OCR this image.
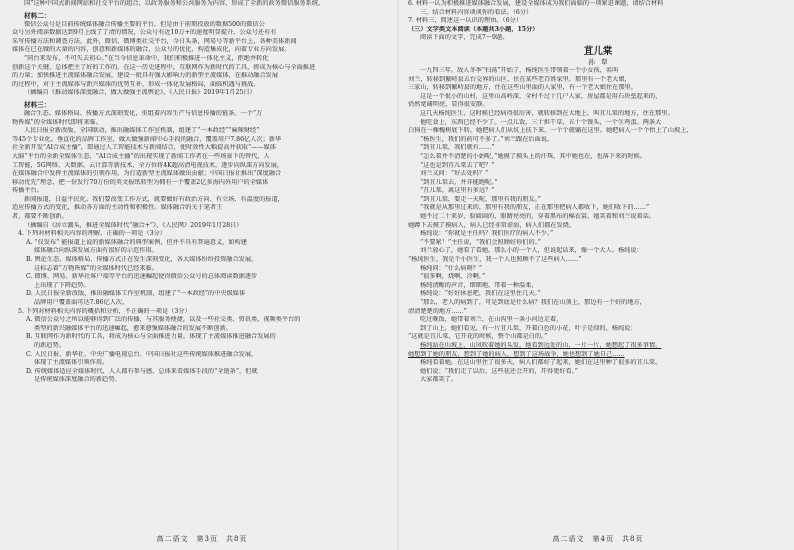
国”这种中国式新闻网站和社交平台的组合，以政务服务和公共服务为内容，形成了全新的政务微信服务系统。

材料二：

微信公众号是目前传统媒体融合传播主要的平台，但是由于前期投放的数据500的微信公

众号另外阅读数据达到9月上线了了清的情况，公众号有近10万+的速度明显提升，公众号还有有

采写传播方法和调查方法，此外，微信、微博类社交平台，今日头条，网易号等新平台上，各种美体新闻

媒体在已在做的大量的内容，创意和新媒体的融合，公众号的优化、构造集成化，向着专业方向发展。

“同台来发布，不可失去初心。”在当今信息革命中，我们积极推进一体化主义，拒绝并转化

创新这个关键，总体把主了好的工作的。在这一历史进程中，互联网作为新时代的工具，将成为核心与全面推进

的力量；加快推进主流媒体融合发展，建设一批具有强大影响力的新型主流媒体，在推动融合发展

的过程中，对于主流媒体与新兴媒体的优势互补，形成一体化发展格局，面临机遇与挑战。

（摘编自《推动媒体深度融合，做大做强主流舆论》，《人民日报》2019年1月25日）

材料三：

融合生态、媒体格局、传播方式深刻变化，重组着内容生产与信息传播的链条。一个“万

物皆媒”的全媒体时代即将来临。

人民日报全新改版、全国联动，推出融媒体工作室机制，组建了“一本政经”“麻辣财经”

等45个专业化、垂直化的品牌工作室，做大做强新闻中心手段的融合，覆盖用户7.86亿人次；新华

社全新开发“AI合成主播”，即通过人工智能技术与新闻结合，使时效性大幅提高并获取“——媒体

大脑”平台的全新全媒体生态，“AI合成主播”的出现实现了新闻工作者在一些场景下的替代，人

工智能，5G网络、大数据、云计算等新技术，全方位将4K超高清电视技术，逐步向纵深方向发展，

在媒体融合中发挥主流媒体的引领作用，为打造新型主流媒体做出贡献；中国日报社推出“深度融合

移动优先”理念，把一份发行70万份的英文报纸转型为拥有一个覆盖2亿多海内外用户的全媒体

传播平台。

新闻报道，日益平民化。我们要改变工作方式，就要做好有政治方向、有立场、有温度的报道，

适应传播方式的变化，推动各方面的主动性和积极性。媒体融合的关于笔者王

者，都要不断创新。

（摘编自《居立潮头，推进全媒体时代“融合+”》，《人民网》2019年1月28日）

4. 下列对材料相关内容的理解，正确的一项是（3分）

A. “仅发布” 能报道上说的新媒体融合的典型案例，但并不具有普遍意义，如构建

媒体融合向纵深发展方面有很好的示范作用。

B. 舆论生态、媒体格局、传播方式正在发生深刻变化，各大媒体纷纷投资融合发展，

这标志着“万物皆媒”的全媒体时代已经来临。

C. 微博、网易、新华社客户端等平台的迅速崛起使得微信公众号的总体阅读数据逐步

上出现了下降趋势。

D. 人民日报全新改版，推出融媒体工作室机制，组建了“一本政经”的中央级媒体

品牌用户覆盖面可达7.86亿人次。

5. 下列对材料相关内容的概括和分析，不正确的一项是（3分）

A. 微信公众号之所以能够得到广泛的传播，与其服务便捷，以及一些社交类、资讯类、视频类平台的

类型的新兴融媒体平台的迅速崛起，愈来愈强媒体融合的发展不断创新。

B. 互联网作为新时代的工具，将成为核心与全面推进力量，体现了主流媒体推进融合发展的

的新趋势。

C. 人民日报、新华社、中央广播电视总台、中国日报社这些传统媒体推进融合发展，

体现了主流媒体引领作用。

D. 传统媒体适应全媒体时代，人人都有参与感，总体来看媒体手段的“全链条”，但就

是传统媒体深度融合的新趋势。

高二语文　第3页　共8页

6. 材料一认为积极推进媒体融合发展，建设全媒体成为我们面临的一项紧迫课题，请结合材料

三，结合材料内容谈谈你的看法。（6分）

7. 材料三，简述这一认识的理由。（6分）

（三）文学类文本阅读（本题共3小题，15分）

阅读下面的文字，完成7～9题。

苴儿棠

孙　犁

一九四三年，敌人冬季“扫荡”开始了，杨纯医生带领着一个小女孩，名叫

刘兰，转移到繁峙县五台交界的山区，住在某些老百姓家里，那里有一个老大娘，

三家山，转移到繁峙县的地方，住在这些山里面的人家里，有一个老大娘住在那里。

这是一个很小的山村，这里山高岭深，全村不过十几户人家，房屋都是用石块垒起来的，

仍然宽阔明亮，显得很安静。

这几天杨纯医生，这时候已经病得很厉害，就转移到在大地上，叫苴儿棠的地方，住在那里。

他吃食上，东西已经不少了。一点儿饭，三十担干草，五十个馒头，一个生鸡蛋。两条大

白狗在一棵槐树底下转，她把病人们从炕上扶下来，一个个就躺在这里。她把病人一个个抬上了山坡上，

“杨医生，我们的药可不多了。”刘兰跟在后面说。

“到苴儿棠，我们就有……”

“怎么着并不清楚的小娟呢，”她摸了摸头上的汗珠，其中她也在，也落下来的时候。

“这也是到苴儿棠去了吧？”

刘兰又问：“好去处吗？”

“到苴儿棠去，并非能跑呢。”

“苴儿棠，离这里有多远？”

“到苴儿棠，要走一天呢，那里有我的朋友。”

“我就是从那里过来的，那里有我的朋友，正在那里把病人都收下，她们收下的……”

她不过二十来岁，脸圆圆的，眼睛亮亮的，穿着黑布的棉衣裳，她笑着和刘兰说着话。

她蹲下去摸了摸病人，病人已经非常虚弱，病人们都在发烧。

杨纯说：“你就是主任吗？我们医疗的病人不少。”

“不要紧！”主任说，“我们会照顾好你们的。”

刘兰放心了，她看了看她，那么小的一个人，但说起话来，像一个大人。杨纯说：

“杨纯医生，我是个小医生，我一个人也照顾不了这些病人……”

杨纯问：“什么病呀？”

“很多啊，烧啊，冷啊，”

杨纯清醒的声音，细细地，带着一种温柔，

杨纯说：“好好休息吧，我们在这里住几天。”

“那么，老人的病到了，可是到底是什么病？我们在山顶上，那边有一个好的地方，

清清楚楚的地方……”

吃过晚饭，她带着刘兰，在山沟里一条小河边走着，

到了山上，她们看见，有一片苴儿棠，开着白色的小花，叶子是绿的，杨纯说：

“这就是苴儿棠，它开花的时候，整个山都是白的。”

杨纯站在山坡上，山风吹着她的头发，她看到远处的山，一片一片，她想起了很多事情。

她想到了她的朋友，想到了她的病人，想到了这场战争，她也想到了她自己……

杨纯看着她，在这山里住了很多天，病人们都好了起来，她们在这里种了很多的苴儿棠。

她们说：“我们走了以后，这些花还会开的，开得更好看。”

大家都笑了。

高二语文　第4页　共8页
